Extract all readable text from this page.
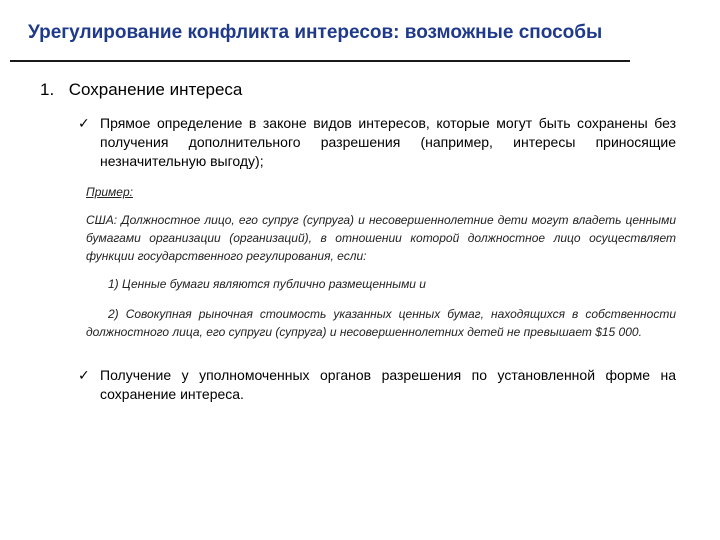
Урегулирование конфликта интересов: возможные способы
1. Сохранение интереса
✓ Прямое определение в законе видов интересов, которые могут быть сохранены без получения дополнительного разрешения (например, интересы приносящие незначительную выгоду);

Пример:

США: Должностное лицо, его супруг (супруга) и несовершеннолетние дети могут владеть ценными бумагами организации (организаций), в отношении которой должностное лицо осуществляет функции государственного регулирования, если:

1) Ценные бумаги являются публично размещенными и

2) Совокупная рыночная стоимость указанных ценных бумаг, находящихся в собственности должностного лица, его супруги (супруга) и несовершеннолетних детей не превышает $15 000.

✓ Получение у уполномоченных органов разрешения по установленной форме на сохранение интереса.
